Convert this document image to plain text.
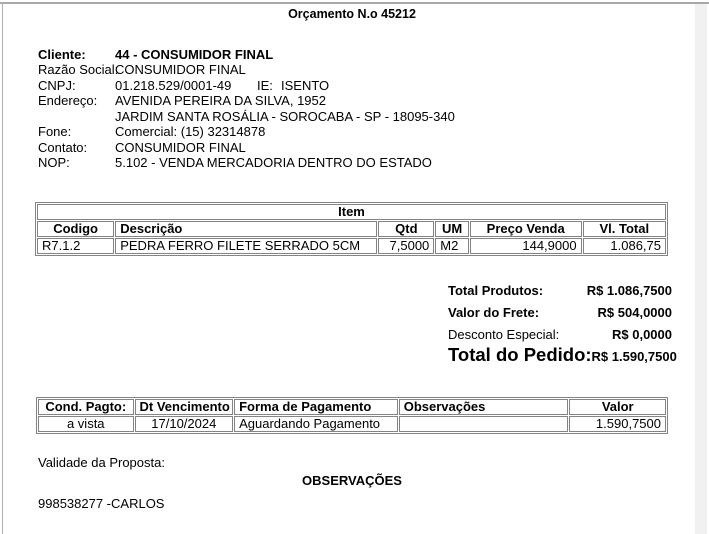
Orçamento N.o 45212
Cliente: 44 - CONSUMIDOR FINAL
Razão Social:
CONSUMIDOR FINAL
CNPJ:	01.218.529/0001-49 IE: ISENTO
Endereço: AVENIDA PEREIRA DA SILVA, 1952
JARDIM SANTA ROSÁLIA - SOROCABA - SP - 18095-340
Fone:	Comercial: (15) 32314878
Contato: CONSUMIDOR FINAL
NOP:	5.102 - VENDA MERCADORIA DENTRO DO ESTADO
Item					
Codigo	Descrição	Qtd	UM	Preço Venda	Vl. Total
R7.1.2	PEDRA FERRO FILETE SERRADO 5CM	7,5000	M2	144,9000	1.086,75
Total Produtos:	R$ 1.086,7500
Valor do Frete:	R$ 504,0000
Desconto Especial:	R$ 0,0000
Total do Pedido: R$ 1.590,7500
Cond. Pagto:	Dt Vencimento	Forma de Pagamento	Observações	Valor
a vista	17/10/2024	Aguardando Pagamento		1.590,7500
Validade da Proposta:
OBSERVAÇÕES
998538277 -CARLOS
